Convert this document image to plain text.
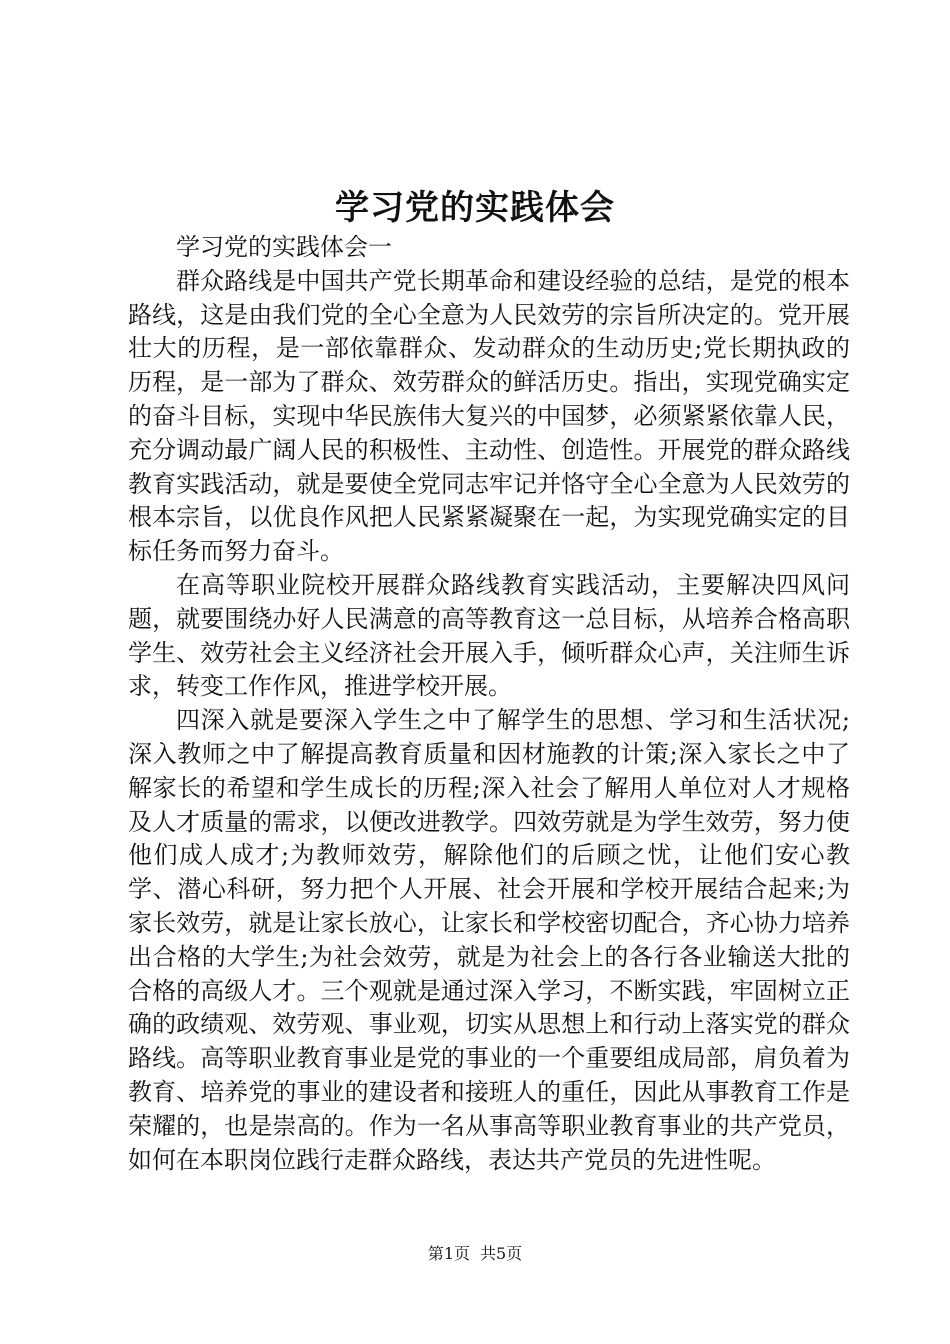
学习党的实践体会

学习党的实践体会一

群众路线是中国共产党长期革命和建设经验的总结，是党的根本路线，这是由我们党的全心全意为人民效劳的宗旨所决定的。党开展壮大的历程，是一部依靠群众、发动群众的生动历史;党长期执政的历程，是一部为了群众、效劳群众的鲜活历史。指出，实现党确实定的奋斗目标，实现中华民族伟大复兴的中国梦，必须紧紧依靠人民，充分调动最广阔人民的积极性、主动性、创造性。开展党的群众路线教育实践活动，就是要使全党同志牢记并恪守全心全意为人民效劳的根本宗旨，以优良作风把人民紧紧凝聚在一起，为实现党确实定的目标任务而努力奋斗。

在高等职业院校开展群众路线教育实践活动，主要解决四风问题，就要围绕办好人民满意的高等教育这一总目标，从培养合格高职学生、效劳社会主义经济社会开展入手，倾听群众心声，关注师生诉求，转变工作作风，推进学校开展。

四深入就是要深入学生之中了解学生的思想、学习和生活状况;深入教师之中了解提高教育质量和因材施教的计策;深入家长之中了解家长的希望和学生成长的历程;深入社会了解用人单位对人才规格及人才质量的需求，以便改进教学。四效劳就是为学生效劳，努力使他们成人成才;为教师效劳，解除他们的后顾之忧，让他们安心教学、潜心科研，努力把个人开展、社会开展和学校开展结合起来;为家长效劳，就是让家长放心，让家长和学校密切配合，齐心协力培养出合格的大学生;为社会效劳，就是为社会上的各行各业输送大批的合格的高级人才。三个观就是通过深入学习，不断实践，牢固树立正确的政绩观、效劳观、事业观，切实从思想上和行动上落实党的群众路线。高等职业教育事业是党的事业的一个重要组成局部，肩负着为教育、培养党的事业的建设者和接班人的重任，因此从事教育工作是荣耀的，也是崇高的。作为一名从事高等职业教育事业的共产党员，如何在本职岗位践行走群众路线，表达共产党员的先进性呢。

第1页 共5页
